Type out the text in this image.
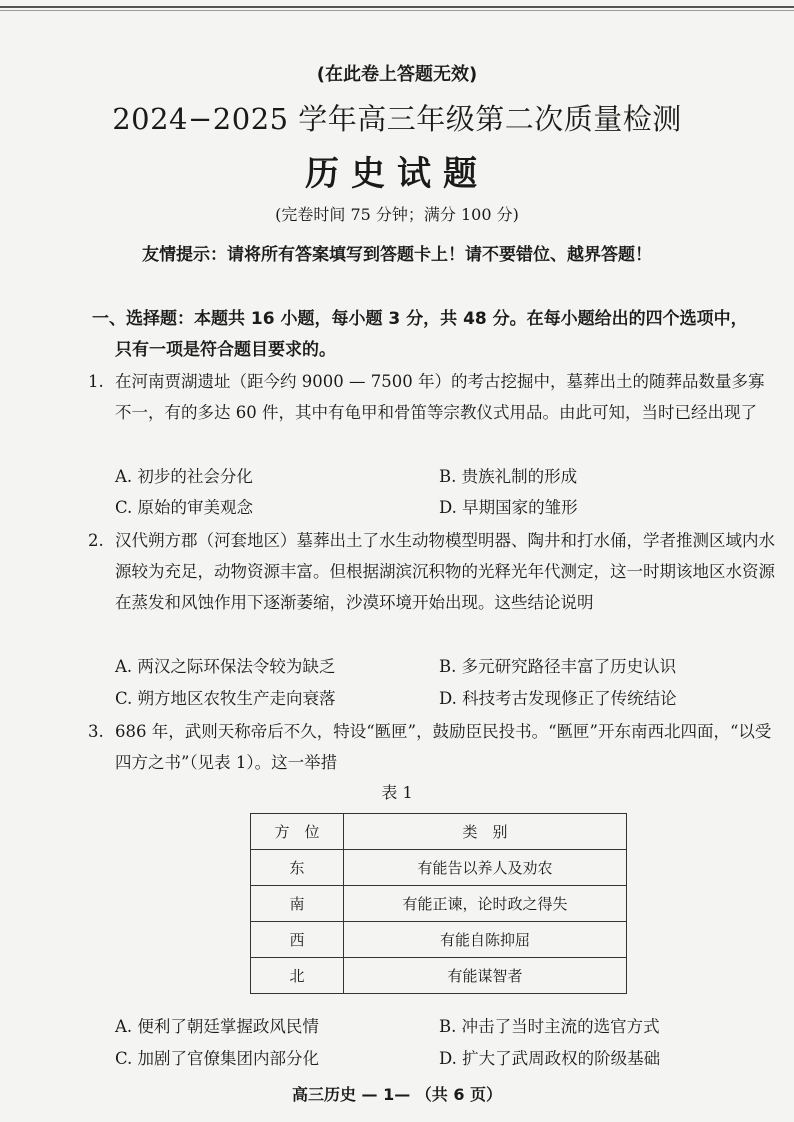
(在此卷上答题无效)
2024−2025 学年高三年级第二次质量检测
历史试题
(完卷时间 75 分钟；满分 100 分)
友情提示：请将所有答案填写到答题卡上！请不要错位、越界答题！
一、选择题：本题共 16 小题，每小题 3 分，共 48 分。在每小题给出的四个选项中，
只有一项是符合题目要求的。
1. 在河南贾湖遗址（距今约 9000 — 7500 年）的考古挖掘中，墓葬出土的随葬品数量多寡不一，有的多达 60 件，其中有龟甲和骨笛等宗教仪式用品。由此可知，当时已经出现了
A. 初步的社会分化	B. 贵族礼制的形成
C. 原始的审美观念	D. 早期国家的雏形
2. 汉代朔方郡（河套地区）墓葬出土了水生动物模型明器、陶井和打水俑，学者推测区域内水源较为充足，动物资源丰富。但根据湖滨沉积物的光释光年代测定，这一时期该地区水资源在蒸发和风蚀作用下逐渐萎缩，沙漠环境开始出现。这些结论说明
A. 两汉之际环保法令较为缺乏	B. 多元研究路径丰富了历史认识
C. 朔方地区农牧生产走向衰落	D. 科技考古发现修正了传统结论
3. 686 年，武则天称帝后不久，特设“匦匣”，鼓励臣民投书。“匦匣”开东南西北四面，“以受四方之书”（见表 1）。这一举措
表 1
方　位	类　别
东	有能告以养人及劝农
南	有能正谏，论时政之得失
西	有能自陈抑屈
北	有能谋智者
A. 便利了朝廷掌握政风民情	B. 冲击了当时主流的选官方式
C. 加剧了官僚集团内部分化	D. 扩大了武周政权的阶级基础
高三历史 — 1— （共 6 页）
